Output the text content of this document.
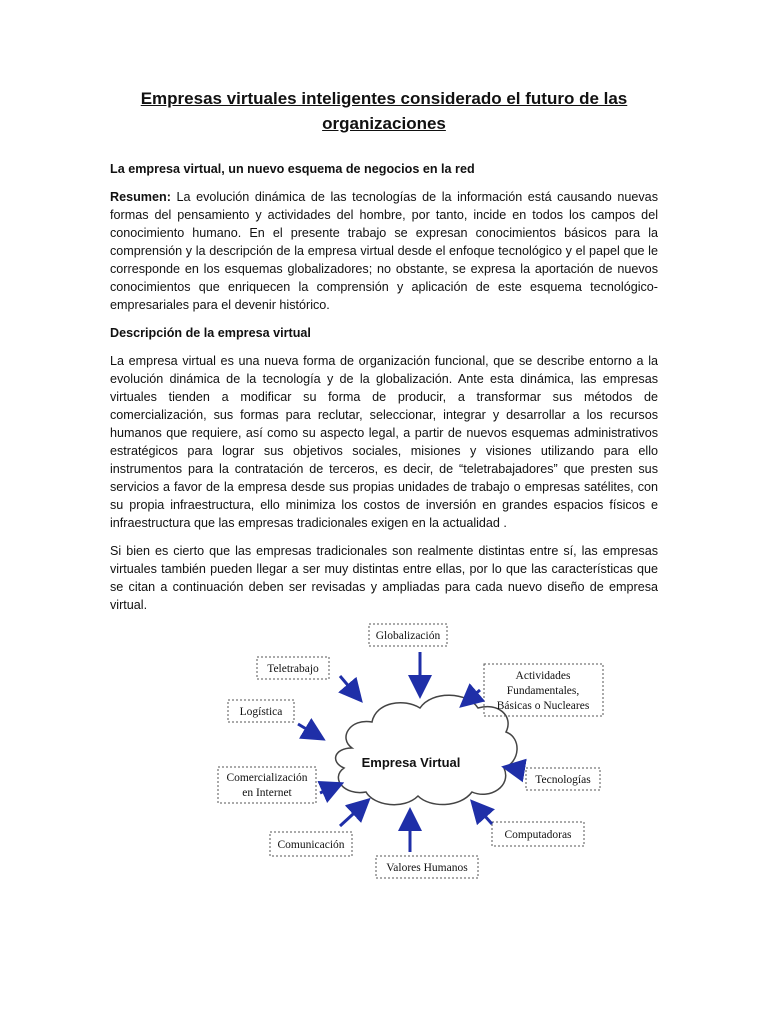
Empresas virtuales inteligentes considerado el futuro de las organizaciones

La empresa virtual, un nuevo esquema de negocios en la red

Resumen: La evolución dinámica de las tecnologías de la información está causando nuevas formas del pensamiento y actividades del hombre, por tanto, incide en todos los campos del conocimiento humano. En el presente trabajo se expresan conocimientos básicos para la comprensión y la descripción de la empresa virtual desde el enfoque tecnológico y el papel que le corresponde en los esquemas globalizadores; no obstante, se expresa la aportación de nuevos conocimientos que enriquecen la comprensión y aplicación de este esquema tecnológico- empresariales para el devenir histórico.

Descripción de la empresa virtual

La empresa virtual es una nueva forma de organización funcional, que se describe entorno a la evolución dinámica de la tecnología y de la globalización. Ante esta dinámica, las empresas virtuales tienden a modificar su forma de producir, a transformar sus métodos de comercialización, sus formas para reclutar, seleccionar, integrar y desarrollar a los recursos humanos que requiere, así como su aspecto legal, a partir de nuevos esquemas administrativos estratégicos para lograr sus objetivos sociales, misiones y visiones utilizando para ello instrumentos para la contratación de terceros, es decir, de “teletrabajadores” que presten sus servicios a favor de la empresa desde sus propias unidades de trabajo o empresas satélites, con su propia infraestructura, ello minimiza los costos de inversión en grandes espacios físicos e infraestructura que las empresas tradicionales exigen en la actualidad .

Si bien es cierto que las empresas tradicionales son realmente distintas entre sí, las empresas virtuales también pueden llegar a ser muy distintas entre ellas, por lo que las características que se citan a continuación deben ser revisadas y ampliadas para cada nuevo diseño de empresa virtual.

Empresa Virtual
Globalización
Teletrabajo
Actividades
Fundamentales,
Básicas o Nucleares
Logística
Comercialización
en Internet
Tecnologías
Comunicación
Computadoras
Valores Humanos
